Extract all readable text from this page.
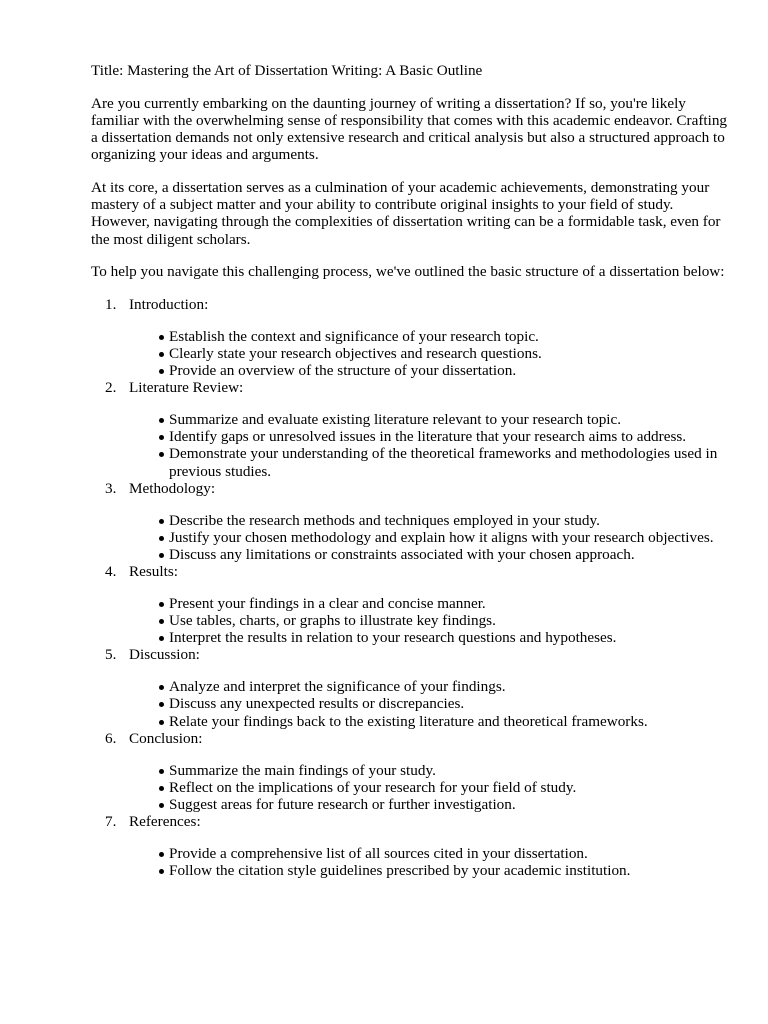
Title: Mastering the Art of Dissertation Writing: A Basic Outline

Are you currently embarking on the daunting journey of writing a dissertation? If so, you're likely familiar with the overwhelming sense of responsibility that comes with this academic endeavor. Crafting a dissertation demands not only extensive research and critical analysis but also a structured approach to organizing your ideas and arguments.

At its core, a dissertation serves as a culmination of your academic achievements, demonstrating your mastery of a subject matter and your ability to contribute original insights to your field of study. However, navigating through the complexities of dissertation writing can be a formidable task, even for the most diligent scholars.

To help you navigate this challenging process, we've outlined the basic structure of a dissertation below:

1. Introduction:
Establish the context and significance of your research topic.
Clearly state your research objectives and research questions.
Provide an overview of the structure of your dissertation.
2. Literature Review:
Summarize and evaluate existing literature relevant to your research topic.
Identify gaps or unresolved issues in the literature that your research aims to address.
Demonstrate your understanding of the theoretical frameworks and methodologies used in previous studies.
3. Methodology:
Describe the research methods and techniques employed in your study.
Justify your chosen methodology and explain how it aligns with your research objectives.
Discuss any limitations or constraints associated with your chosen approach.
4. Results:
Present your findings in a clear and concise manner.
Use tables, charts, or graphs to illustrate key findings.
Interpret the results in relation to your research questions and hypotheses.
5. Discussion:
Analyze and interpret the significance of your findings.
Discuss any unexpected results or discrepancies.
Relate your findings back to the existing literature and theoretical frameworks.
6. Conclusion:
Summarize the main findings of your study.
Reflect on the implications of your research for your field of study.
Suggest areas for future research or further investigation.
7. References:
Provide a comprehensive list of all sources cited in your dissertation.
Follow the citation style guidelines prescribed by your academic institution.
